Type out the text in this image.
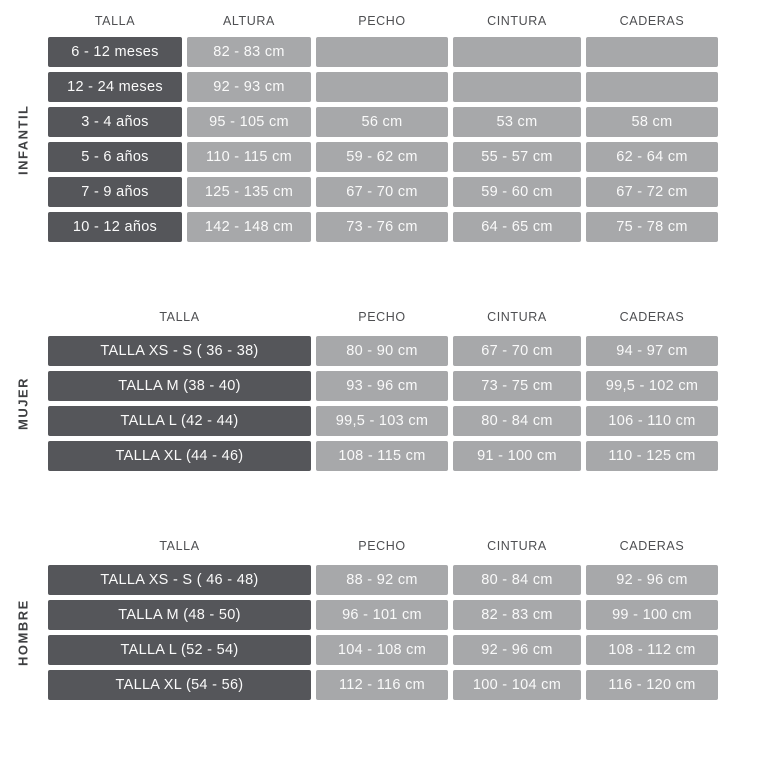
INFANTIL
TALLA	ALTURA	PECHO	CINTURA	CADERAS
6 - 12 meses	82 - 83 cm
12 - 24 meses	92 - 93 cm
3 - 4 años	95 - 105 cm	56 cm	53 cm	58 cm
5 - 6 años	110 - 115 cm	59 - 62 cm	55 - 57 cm	62 - 64 cm
7 - 9 años	125 - 135 cm	67 - 70 cm	59 - 60 cm	67 - 72 cm
10 - 12 años	142 - 148 cm	73 - 76 cm	64 - 65 cm	75 - 78 cm
MUJER
TALLA	PECHO	CINTURA	CADERAS
TALLA XS - S ( 36 - 38)	80 - 90 cm	67 - 70 cm	94 - 97 cm
TALLA M (38 - 40)	93 - 96 cm	73 - 75 cm	99,5 - 102 cm
TALLA L (42 - 44)	99,5 - 103 cm	80 - 84 cm	106 - 110 cm
TALLA XL (44 - 46)	108 - 115 cm	91 - 100 cm	110 - 125 cm
HOMBRE
TALLA	PECHO	CINTURA	CADERAS
TALLA XS - S ( 46 - 48)	88 - 92 cm	80 - 84 cm	92 - 96 cm
TALLA M (48 - 50)	96 - 101 cm	82 - 83 cm	99 - 100 cm
TALLA L (52 - 54)	104 - 108 cm	92 - 96 cm	108 - 112 cm
TALLA XL (54 - 56)	112 - 116 cm	100 - 104 cm	116 - 120 cm
